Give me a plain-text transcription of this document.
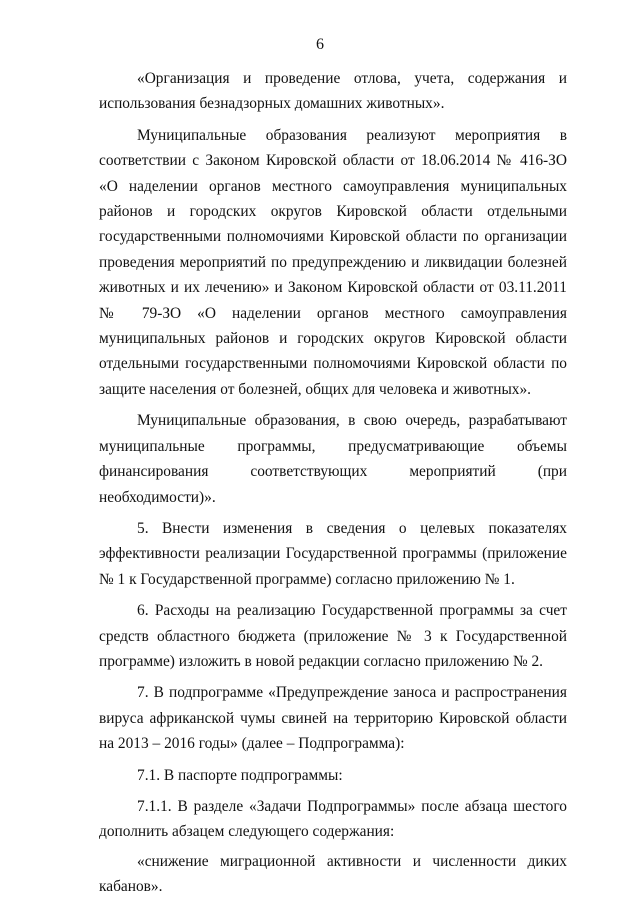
6

«Организация и проведение отлова, учета, содержания и использования безнадзорных домашних животных».

Муниципальные образования реализуют мероприятия в соответствии с Законом Кировской области от 18.06.2014 № 416-ЗО «О наделении органов местного самоуправления муниципальных районов и городских округов Кировской области отдельными государственными полномочиями Кировской области по организации проведения мероприятий по предупреждению и ликвидации болезней животных и их лечению» и Законом Кировской области от 03.11.2011 № 79-ЗО «О наделении органов местного самоуправления муниципальных районов и городских округов Кировской области отдельными государственными полномочиями Кировской области по защите населения от болезней, общих для человека и животных».

Муниципальные образования, в свою очередь, разрабатывают муниципальные программы, предусматривающие объемы финансирования соответствующих мероприятий (при необходимости)».

5. Внести изменения в сведения о целевых показателях эффективности реализации Государственной программы (приложение № 1 к Государственной программе) согласно приложению № 1.

6. Расходы на реализацию Государственной программы за счет средств областного бюджета (приложение № 3 к Государственной программе) изложить в новой редакции согласно приложению № 2.

7. В подпрограмме «Предупреждение заноса и распространения вируса африканской чумы свиней на территорию Кировской области на 2013 – 2016 годы» (далее – Подпрограмма):

7.1. В паспорте подпрограммы:

7.1.1. В разделе «Задачи Подпрограммы» после абзаца шестого дополнить абзацем следующего содержания:

«снижение миграционной активности и численности диких кабанов».
